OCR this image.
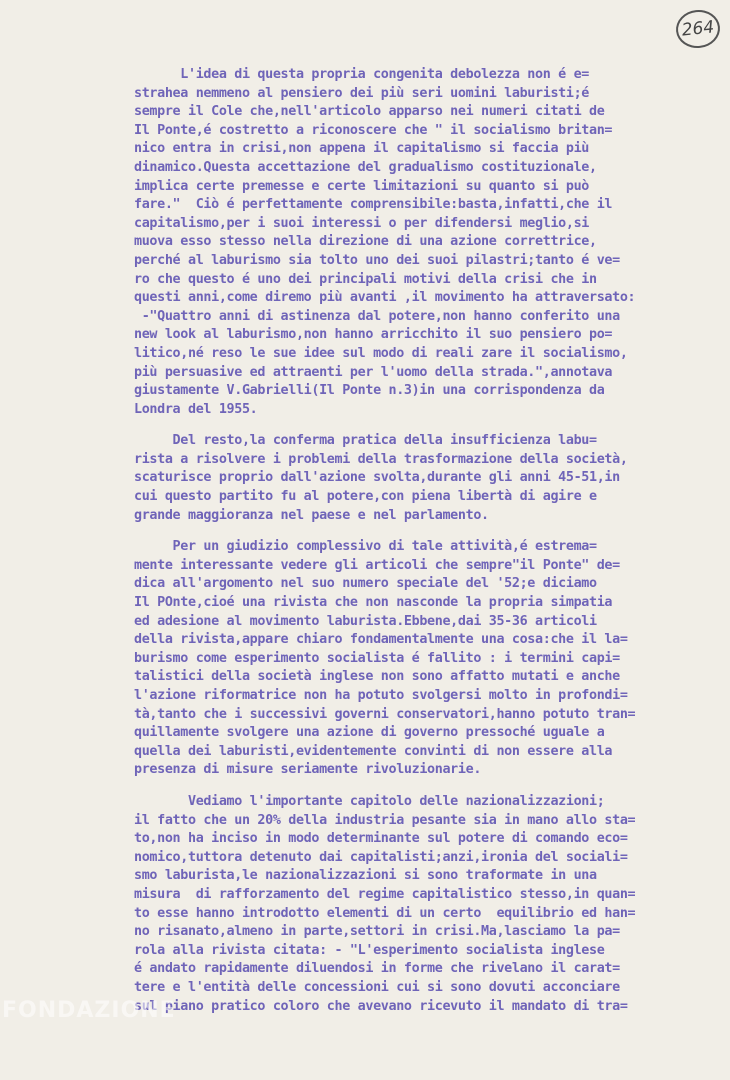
264
L'idea di questa propria congenita debolezza non é e=
strahea nemmeno al pensiero dei più seri uomini laburisti;é
sempre il Cole che,nell'articolo apparso nei numeri citati de
Il Ponte,é costretto a riconoscere che " il socialismo britan=
nico entra in crisi,non appena il capitalismo si faccia più
dinamico.Questa accettazione del gradualismo costituzionale,
implica certe premesse e certe limitazioni su quanto si può
fare."  Ciò é perfettamente comprensibile:basta,infatti,che il
capitalismo,per i suoi interessi o per difendersi meglio,si
muova esso stesso nella direzione di una azione correttrice,
perché al laburismo sia tolto uno dei suoi pilastri;tanto é ve=
ro che questo é uno dei principali motivi della crisi che in
questi anni,come diremo più avanti ,il movimento ha attraversato:
-"Quattro anni di astinenza dal potere,non hanno conferito una
new look al laburismo,non hanno arricchito il suo pensiero po=
litico,né reso le sue idee sul modo di reali zare il socialismo,
più persuasive ed attraenti per l'uomo della strada.",annotava
giustamente V.Gabrielli(Il Ponte n.3)in una corrispondenza da
Londra del 1955.
Del resto,la conferma pratica della insufficienza labu=
rista a risolvere i problemi della trasformazione della società,
scaturisce proprio dall'azione svolta,durante gli anni 45-51,in
cui questo partito fu al potere,con piena libertà di agire e
grande maggioranza nel paese e nel parlamento.
Per un giudizio complessivo di tale attività,é estrema=
mente interessante vedere gli articoli che sempre"il Ponte" de=
dica all'argomento nel suo numero speciale del '52;e diciamo
Il POnte,cioé una rivista che non nasconde la propria simpatia
ed adesione al movimento laburista.Ebbene,dai 35-36 articoli
della rivista,appare chiaro fondamentalmente una cosa:che il la=
burismo come esperimento socialista é fallito : i termini capi=
talistici della società inglese non sono affatto mutati e anche
l'azione riformatrice non ha potuto svolgersi molto in profondi=
tà,tanto che i successivi governi conservatori,hanno potuto tran=
quillamente svolgere una azione di governo pressoché uguale a
quella dei laburisti,evidentemente convinti di non essere alla
presenza di misure seriamente rivoluzionarie.
Vediamo l'importante capitolo delle nazionalizzazioni;
il fatto che un 20% della industria pesante sia in mano allo sta=
to,non ha inciso in modo determinante sul potere di comando eco=
nomico,tuttora detenuto dai capitalisti;anzi,ironia del sociali=
smo laburista,le nazionalizzazioni si sono traformate in una
misura  di rafforzamento del regime capitalistico stesso,in quan=
to esse hanno introdotto elementi di un certo  equilibrio ed han=
no risanato,almeno in parte,settori in crisi.Ma,lasciamo la pa=
rola alla rivista citata: - "L'esperimento socialista inglese
é andato rapidamente diluendosi in forme che rivelano il carat=
tere e l'entità delle concessioni cui si sono dovuti acconciare
sul piano pratico coloro che avevano ricevuto il mandato di tra=
FONDAZIONE
